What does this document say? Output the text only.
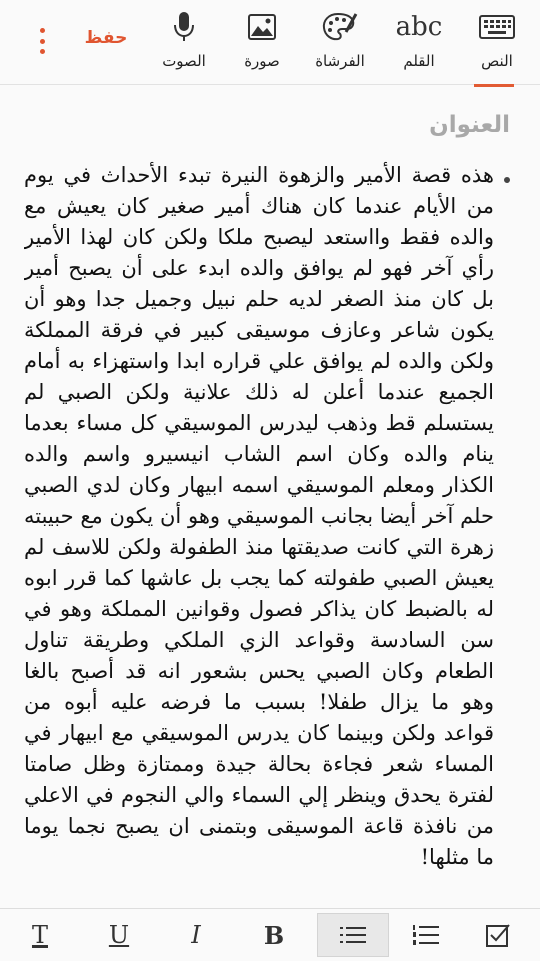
النص
abc
القلم
الفرشاة
صورة
الصوت
حفظ
العنوان
هذه قصة الأمير والزهوة النيرة تبدء الأحداث في يوم من الأيام عندما كان هناك أمير صغير كان يعيش مع والده فقط وااستعد ليصبح ملكا ولكن كان لهذا الأمير رأي آخر فهو لم يوافق والده ابدء على أن يصبح أمير بل كان منذ الصغر لديه حلم نبيل وجميل جدا وهو أن يكون شاعر وعازف موسيقى كبير في فرقة المملكة ولكن والده لم يوافق علي قراره ابدا واستهزاء به أمام الجميع عندما أعلن له ذلك علانية ولكن الصبي لم يستسلم قط وذهب ليدرس الموسيقي كل مساء بعدما ينام والده وكان اسم الشاب انيسيرو واسم والده الكذار ومعلم الموسيقي اسمه ابيهار وكان لدي الصبي حلم آخر أيضا بجانب الموسيقي وهو أن يكون مع حبيبته زهرة التي كانت صديقتها منذ الطفولة ولكن للاسف لم يعيش الصبي طفولته كما يجب بل عاشها كما قرر ابوه له بالضبط كان يذاكر فصول وقوانين المملكة وهو في سن السادسة وقواعد الزي الملكي وطريقة تناول الطعام وكان الصبي يحس بشعور انه قد أصبح بالغا وهو ما يزال طفلا! بسبب ما فرضه عليه أبوه من قواعد ولكن وبينما كان يدرس الموسيقي مع ابيهار في المساء شعر فجاءة بحالة جيدة وممتازة وظل صامتا لفترة يحدق وينظر إلي السماء والي النجوم في الاعلي من نافذة قاعة الموسيقى وبتمنى ان يصبح نجما يوما ما مثلها!
T	U	I	B
